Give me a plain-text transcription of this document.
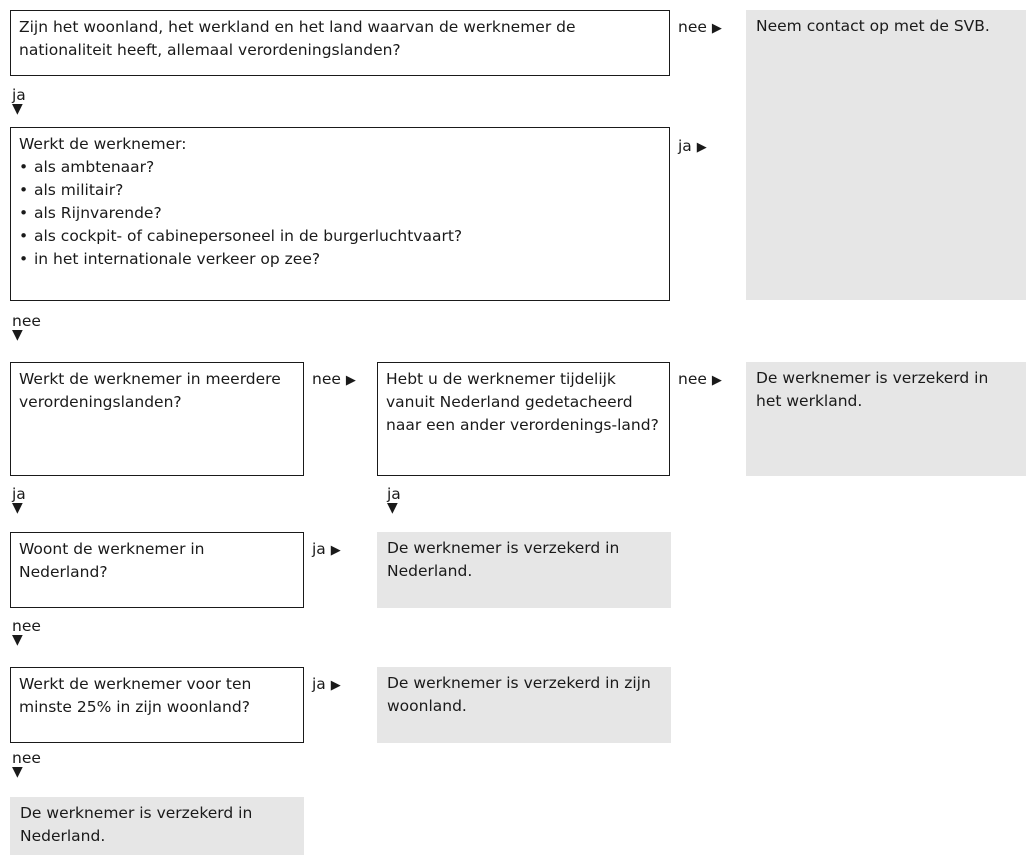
Zijn het woonland, het werkland en het land waarvan de werknemer de nationaliteit heeft, allemaal verordeningslanden?
nee ▶	Neem contact op met de SVB.
ja
▼
Werkt de werknemer:
• als ambtenaar?
• als militair?
• als Rijnvarende?
• als cockpit- of cabinepersoneel in de burgerluchtvaart?
• in het internationale verkeer op zee?
ja ▶
nee
▼
Werkt de werknemer in meerdere verordeningslanden?
nee ▶	Hebt u de werknemer tijdelijk vanuit Nederland gedetacheerd naar een ander verordenings-land?
nee ▶	De werknemer is verzekerd in het werkland.
ja
▼
ja
▼
Woont de werknemer in Nederland?
ja ▶	De werknemer is verzekerd in Nederland.
nee
▼
Werkt de werknemer voor ten minste 25% in zijn woonland?
ja ▶	De werknemer is verzekerd in zijn woonland.
nee
▼
De werknemer is verzekerd in Nederland.
